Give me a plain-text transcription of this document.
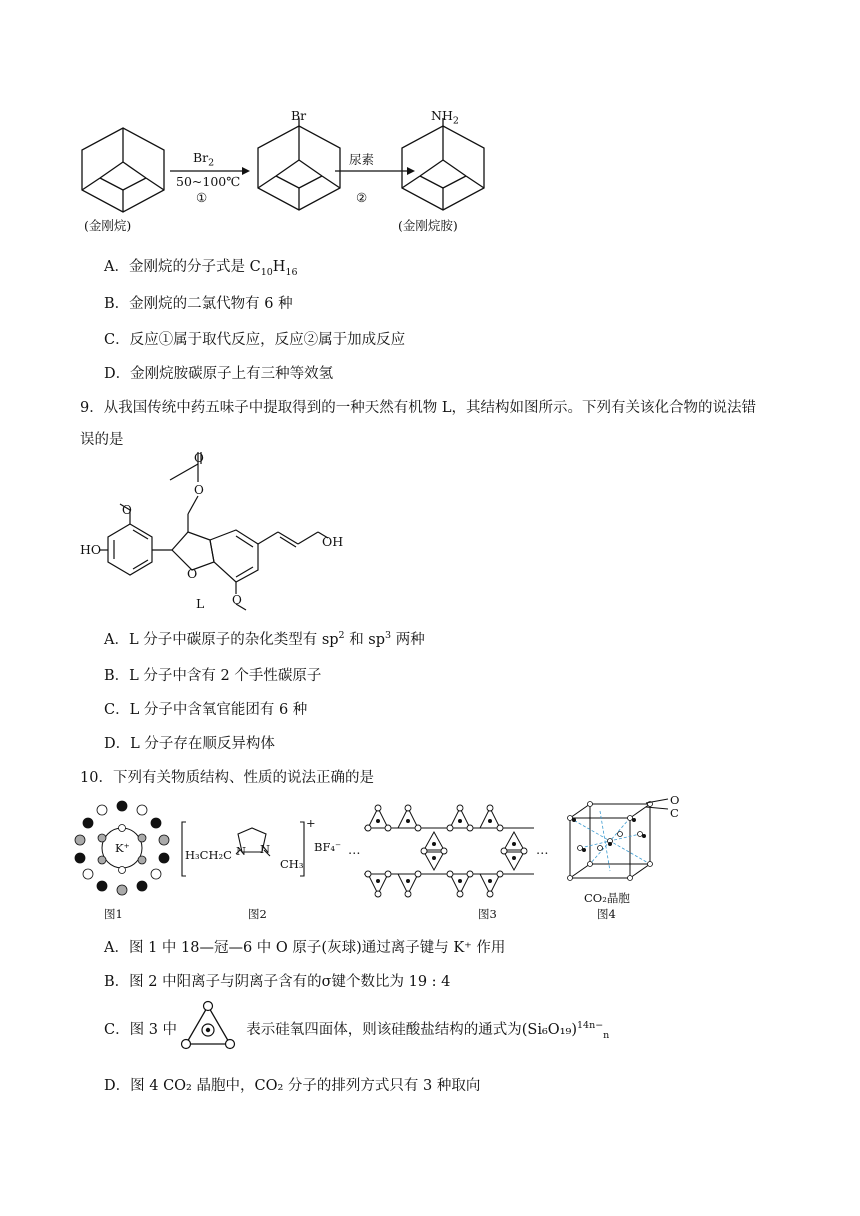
(金刚烷)
$Br_2$
50~100℃
①
Br
尿素
②
$NH_2$
(金刚烷胺)
A．金刚烷的分子式是 $C_{10}H_{16}$
B．金刚烷的二氯代物有 6 种
C．反应①属于取代反应，反应②属于加成反应
D．金刚烷胺碳原子上有三种等效氢
9．从我国传统中药五味子中提取得到的一种天然有机物 L，其结构如图所示。下列有关该化合物的说法错
误的是
O
O
O
O
HO
OH
O
L
A．L 分子中碳原子的杂化类型有 $sp^2$ 和 $sp^3$ 两种
B．L 分子中含有 2 个手性碳原子
C．L 分子中含氧官能团有 6 种
D．L 分子存在顺反异构体
10．下列有关物质结构、性质的说法正确的是
K⁺
图1
H₃CH₂C N N
CH₃
+
BF₄⁻
图2
…	…
图3
O
C
CO₂晶胞
图4
A．图 1 中 18—冠—6 中 O 原子(灰球)通过离子键与 K⁺ 作用
B．图 2 中阳离子与阴离子含有的σ键个数比为 19 : 4
C．图 3 中	表示硅氧四面体，则该硅酸盐结构的通式为$(Si_6O_{19})^{14n-}_n$
D．图 4 CO₂ 晶胞中，CO₂ 分子的排列方式只有 3 种取向
